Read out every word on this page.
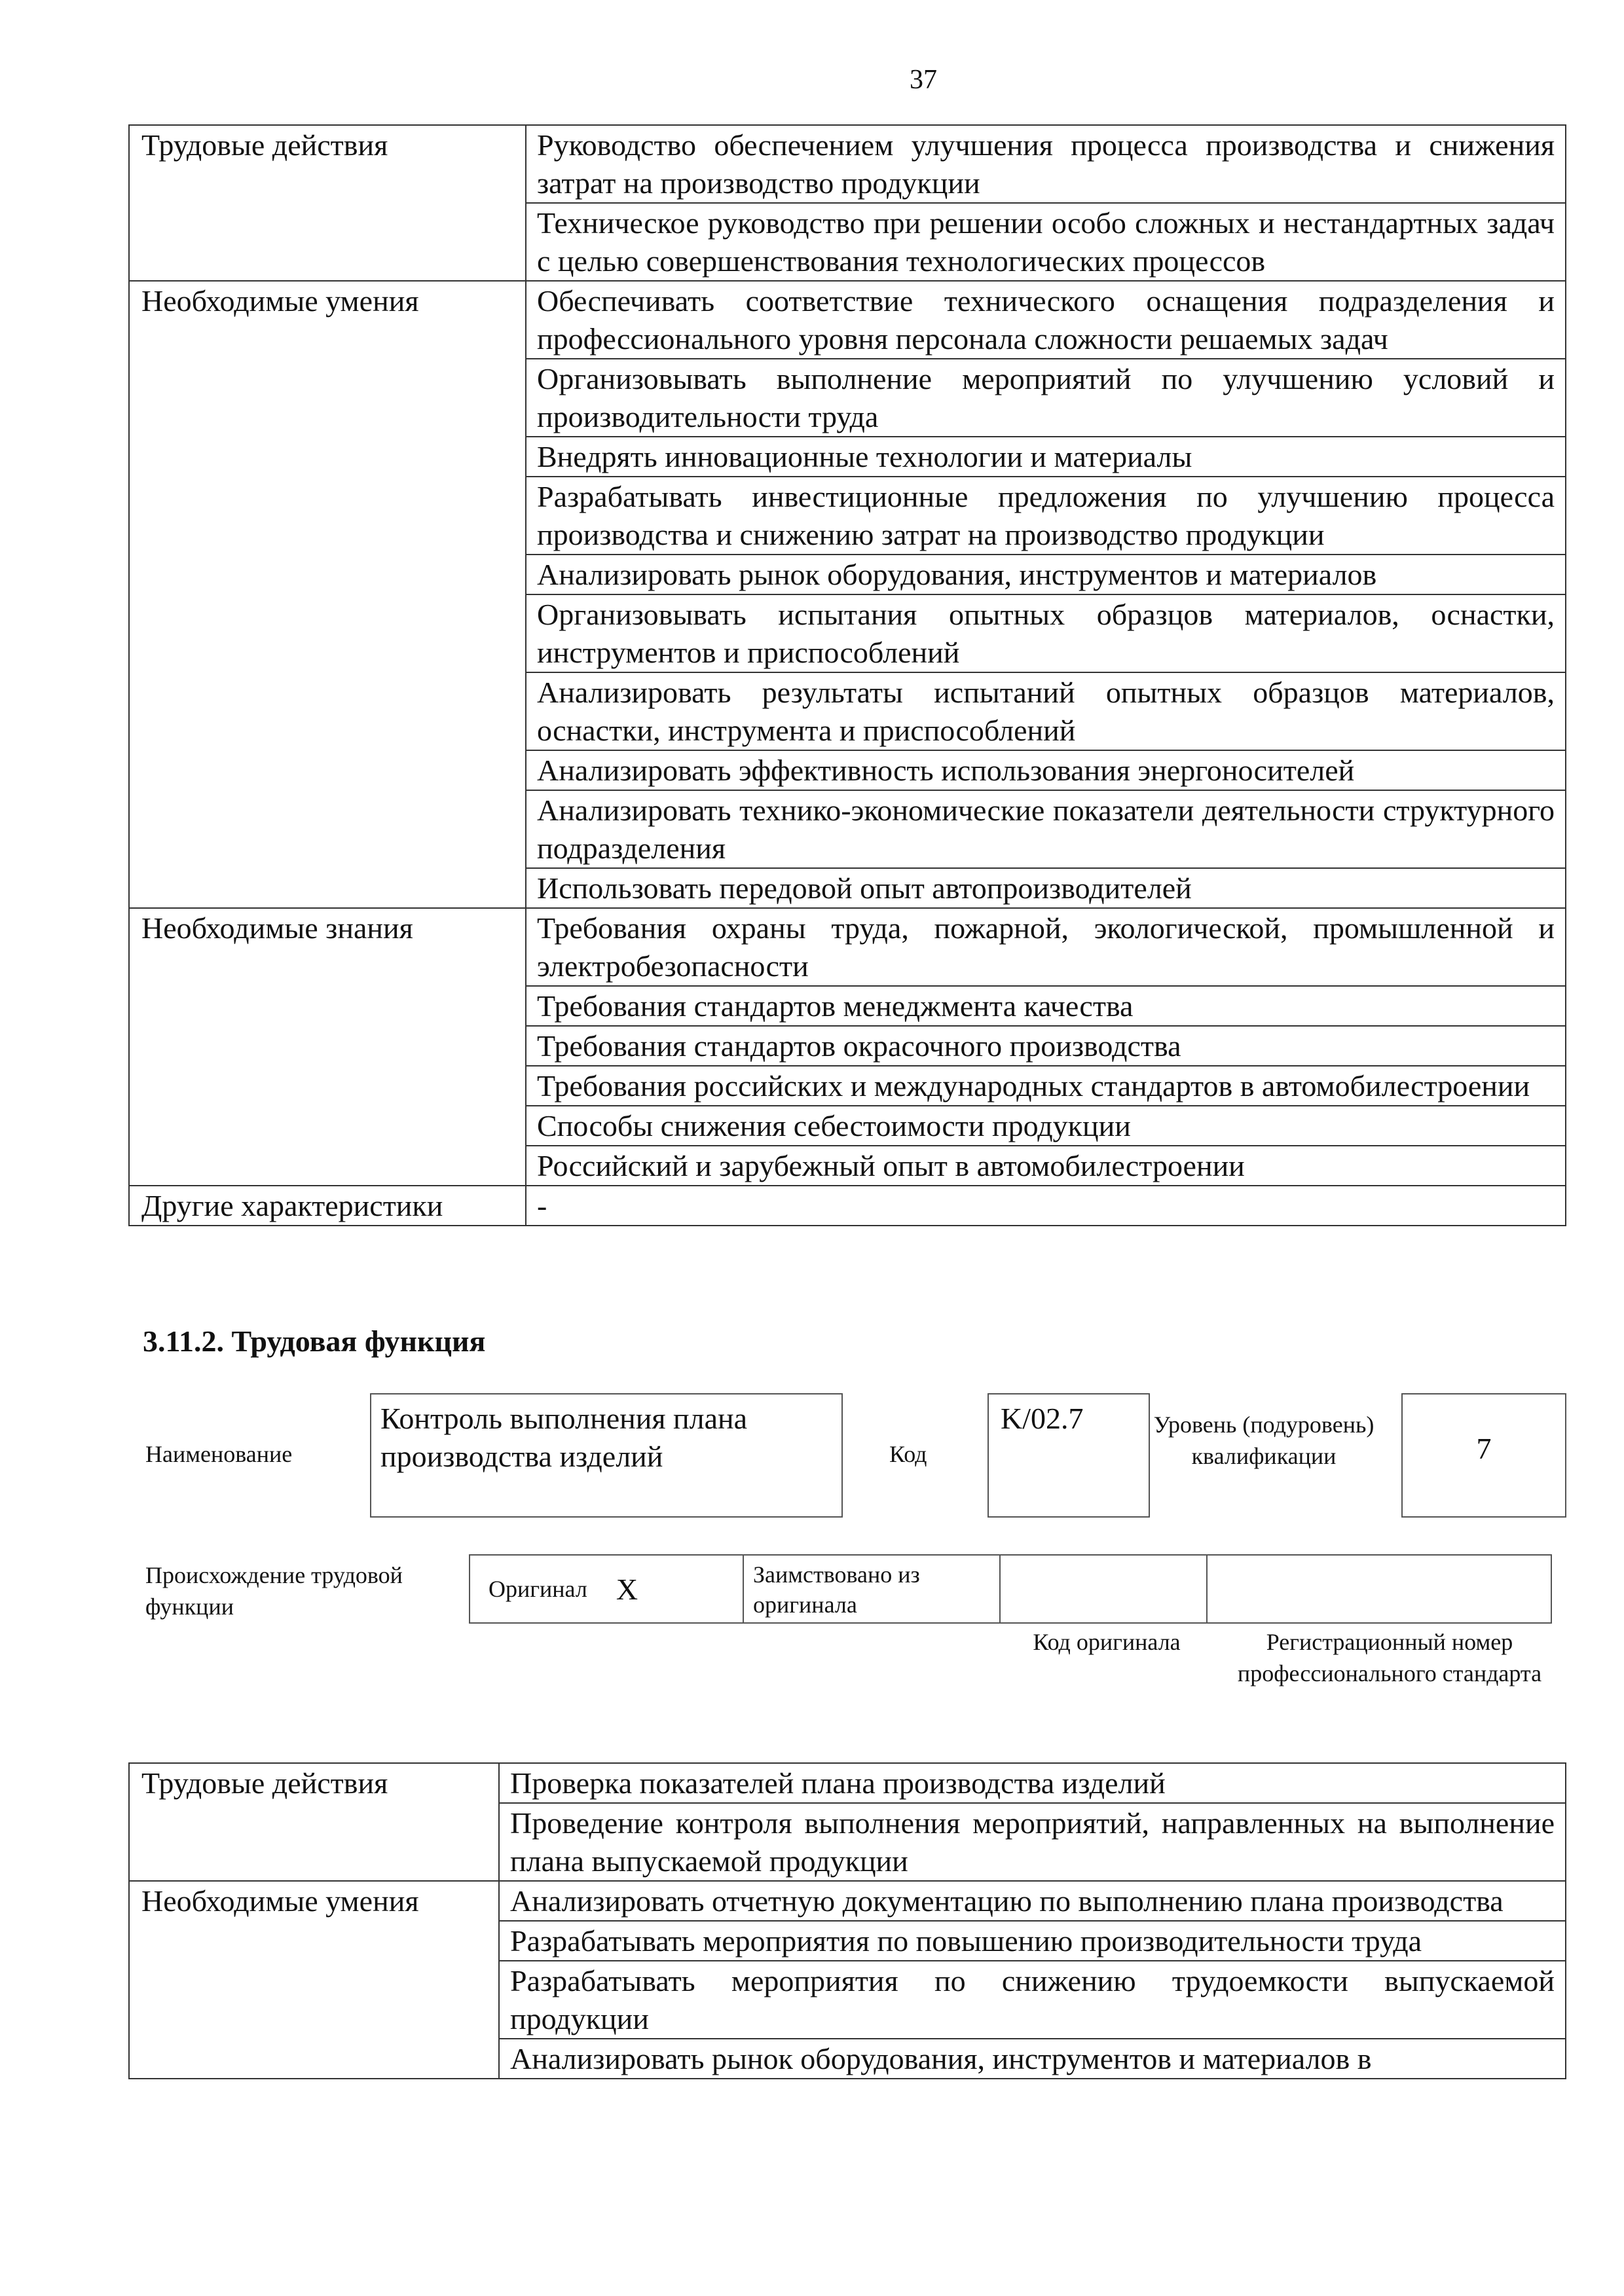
37
Трудовые действия	Руководство обеспечением улучшения процесса производства и снижения затрат на производство продукции
	Техническое руководство при решении особо сложных и нестандартных задач с целью совершенствования технологических процессов
Необходимые умения	Обеспечивать соответствие технического оснащения подразделения и профессионального уровня персонала сложности решаемых задач
	Организовывать выполнение мероприятий по улучшению условий и производительности труда
	Внедрять инновационные технологии и материалы
	Разрабатывать инвестиционные предложения по улучшению процесса производства и снижению затрат на производство продукции
	Анализировать рынок оборудования, инструментов и материалов
	Организовывать испытания опытных образцов материалов, оснастки, инструментов и приспособлений
	Анализировать результаты испытаний опытных образцов материалов, оснастки, инструмента и приспособлений
	Анализировать эффективность использования энергоносителей
	Анализировать технико-экономические показатели деятельности структурного подразделения
	Использовать передовой опыт автопроизводителей
Необходимые знания	Требования охраны труда, пожарной, экологической, промышленной и электробезопасности
	Требования стандартов менеджмента качества
	Требования стандартов окрасочного производства
	Требования российских и международных стандартов в автомобилестроении
	Способы снижения себестоимости продукции
	Российский и зарубежный опыт в автомобилестроении
Другие характеристики	-
3.11.2. Трудовая функция
Наименование
Контроль выполнения плана производства изделий	Код
K/02.7	Уровень (подуровень) квалификации	7
Происхождение трудовой функции
Оригинал X	Заимствовано из оригинала
Код оригинала	Регистрационный номер профессионального стандарта
Трудовые действия	Проверка показателей плана производства изделий
	Проведение контроля выполнения мероприятий, направленных на выполнение плана выпускаемой продукции
Необходимые умения	Анализировать отчетную документацию по выполнению плана производства
	Разрабатывать мероприятия по повышению производительности труда
	Разрабатывать мероприятия по снижению трудоемкости выпускаемой продукции
	Анализировать рынок оборудования, инструментов и материалов в
